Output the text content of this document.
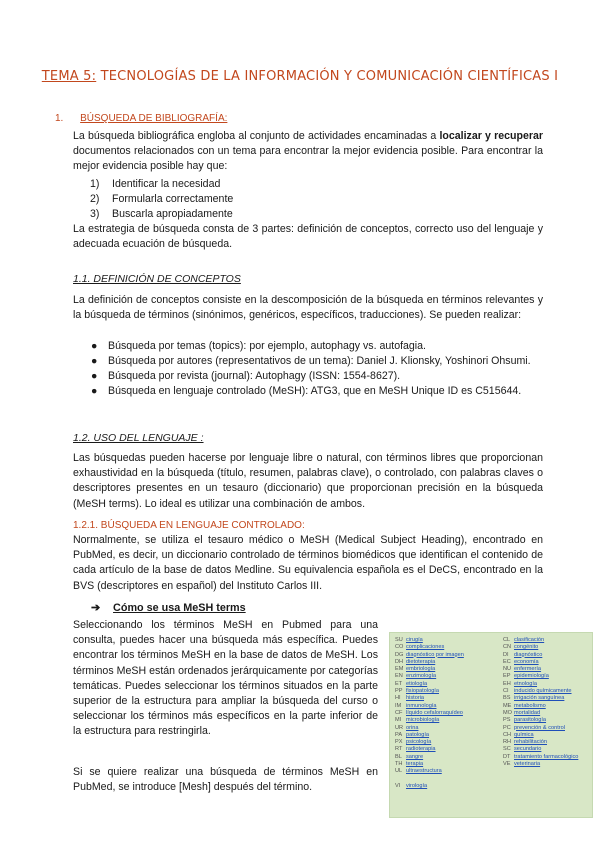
TEMA 5: TECNOLOGÍAS DE LA INFORMACIÓN Y COMUNICACIÓN CIENTÍFICAS I
1. BÚSQUEDA DE BIBLIOGRAFÍA:
La búsqueda bibliográfica engloba al conjunto de actividades encaminadas a localizar y recuperar documentos relacionados con un tema para encontrar la mejor evidencia posible. Para encontrar la mejor evidencia posible hay que:
1) Identificar la necesidad
2) Formularla correctamente
3) Buscarla apropiadamente
La estrategia de búsqueda consta de 3 partes: definición de conceptos, correcto uso del lenguaje y adecuada ecuación de búsqueda.
1.1. DEFINICIÓN DE CONCEPTOS
La definición de conceptos consiste en la descomposición de la búsqueda en términos relevantes y la búsqueda de términos (sinónimos, genéricos, específicos, traducciones). Se pueden realizar:
● Búsqueda por temas (topics): por ejemplo, autophagy vs. autofagia.
● Búsqueda por autores (representativos de un tema): Daniel J. Klionsky, Yoshinori Ohsumi.
● Búsqueda por revista (journal): Autophagy (ISSN: 1554-8627).
● Búsqueda en lenguaje controlado (MeSH): ATG3, que en MeSH Unique ID es C515644.
1.2. USO DEL LENGUAJE :
Las búsquedas pueden hacerse por lenguaje libre o natural, con términos libres que proporcionan exhaustividad en la búsqueda (título, resumen, palabras clave), o controlado, con palabras claves o descriptores presentes en un tesauro (diccionario) que proporcionan precisión en la búsqueda (MeSH terms). Lo ideal es utilizar una combinación de ambos.
1.2.1. BÚSQUEDA EN LENGUAJE CONTROLADO:
Normalmente, se utiliza el tesauro médico o MeSH (Medical Subject Heading), encontrado en PubMed, es decir, un diccionario controlado de términos biomédicos que identifican el contenido de cada artículo de la base de datos Medline. Su equivalencia española es el DeCS, encontrado en la BVS (descriptores en español) del Instituto Carlos III.
➔ Cómo se usa MeSH terms
Seleccionando los términos MeSH en Pubmed para una consulta, puedes hacer una búsqueda más específica. Puedes encontrar los términos MeSH en la base de datos de MeSH. Los términos MeSH están ordenados jerárquicamente por categorías temáticas. Puedes seleccionar los términos situados en la parte superior de la estructura para ampliar la búsqueda del curso o seleccionar los términos más específicos en la parte inferior de la estructura para restringirla.
Si se quiere realizar una búsqueda de términos MeSH en PubMed, se introduce [Mesh] después del término.
SU cirugía
CO complicaciones
DG diagnóstico por imagen
DH dietoterapia
EM embriología
EN enzimología
ET etiología
PP fisiopatología
HI historia
IM inmunología
CF líquido cefalorraquídeo
MI microbiología
UR orina
PA patología
PX psicología
RT radioterapia
BL sangre
TH terapia
UL ultraestructura

VI virología
CL clasificación
CN congénito
DI diagnóstico
EC economía
NU enfermería
EP epidemiología
EH etnología
CI inducido químicamente
BS irrigación sanguínea
ME metabolismo
MO mortalidad
PS parasitología
PC prevención & control
CH química
RH rehabilitación
SC secundario
DT tratamiento farmacológico
VE veterinaria
